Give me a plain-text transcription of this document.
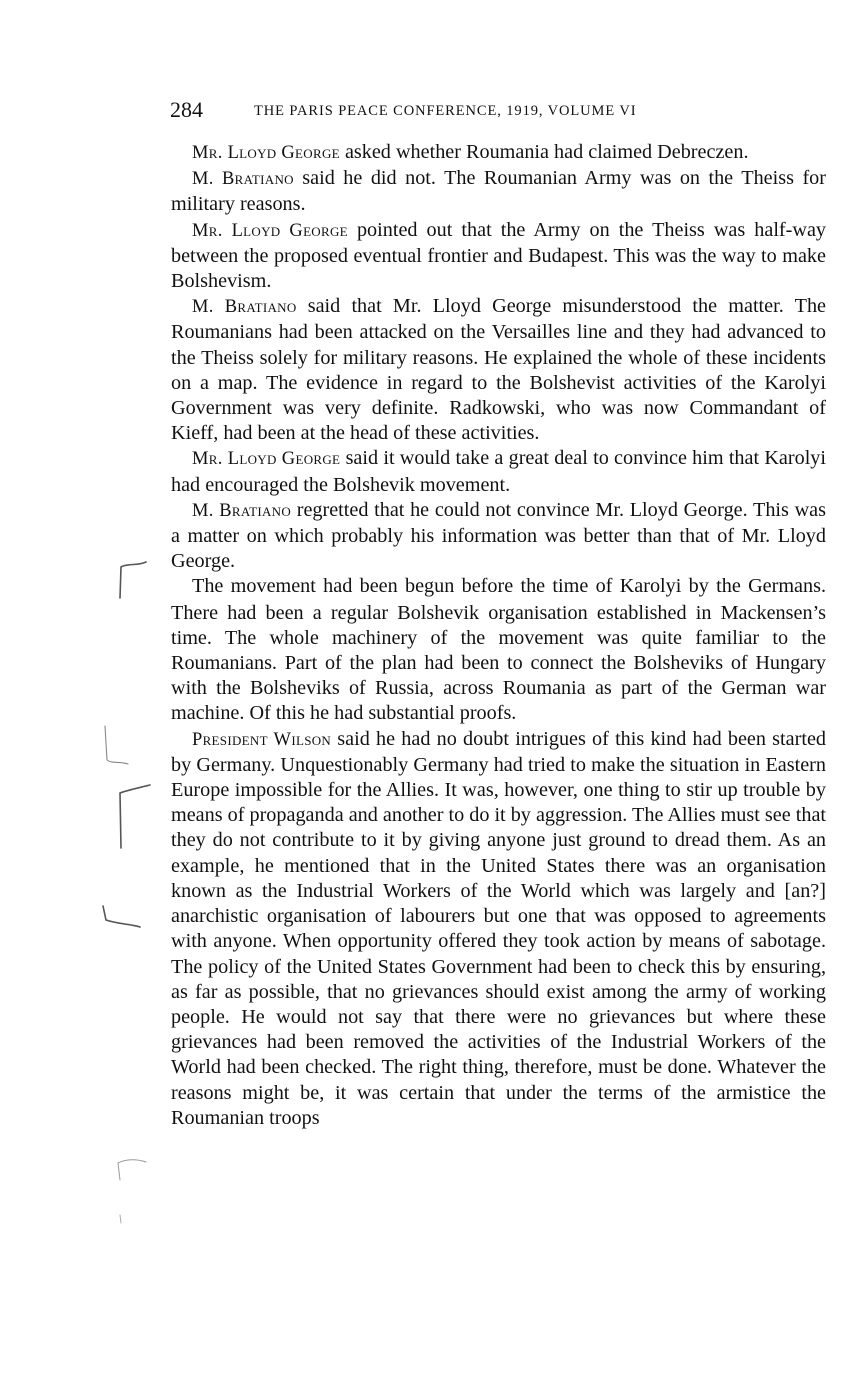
284	THE PARIS PEACE CONFERENCE, 1919, VOLUME VI

Mr. Lloyd George asked whether Roumania had claimed Debreczen.

M. Bratiano said he did not. The Roumanian Army was on the Theiss for military reasons.

Mr. Lloyd George pointed out that the Army on the Theiss was half-way between the proposed eventual frontier and Budapest. This was the way to make Bolshevism.

M. Bratiano said that Mr. Lloyd George misunderstood the matter. The Roumanians had been attacked on the Versailles line and they had advanced to the Theiss solely for military reasons. He explained the whole of these incidents on a map. The evidence in regard to the Bolshevist activities of the Karolyi Government was very definite. Radkowski, who was now Commandant of Kieff, had been at the head of these activities.

Mr. Lloyd George said it would take a great deal to convince him that Karolyi had encouraged the Bolshevik movement.

M. Bratiano regretted that he could not convince Mr. Lloyd George. This was a matter on which probably his information was better than that of Mr. Lloyd George.

The movement had been begun before the time of Karolyi by the Germans. There had been a regular Bolshevik organisation established in Mackensen’s time. The whole machinery of the movement was quite familiar to the Roumanians. Part of the plan had been to connect the Bolsheviks of Hungary with the Bolsheviks of Russia, across Roumania as part of the German war machine. Of this he had substantial proofs.

President Wilson said he had no doubt intrigues of this kind had been started by Germany. Unquestionably Germany had tried to make the situation in Eastern Europe impossible for the Allies. It was, however, one thing to stir up trouble by means of propaganda and another to do it by aggression. The Allies must see that they do not contribute to it by giving anyone just ground to dread them. As an example, he mentioned that in the United States there was an organisation known as the Industrial Workers of the World which was largely and [an?] anarchistic organisation of labourers but one that was opposed to agreements with anyone. When opportunity offered they took action by means of sabotage. The policy of the United States Government had been to check this by ensuring, as far as possible, that no grievances should exist among the army of working people. He would not say that there were no grievances but where these grievances had been removed the activities of the Industrial Workers of the World had been checked. The right thing, therefore, must be done. Whatever the reasons might be, it was certain that under the terms of the armistice the Roumanian troops
